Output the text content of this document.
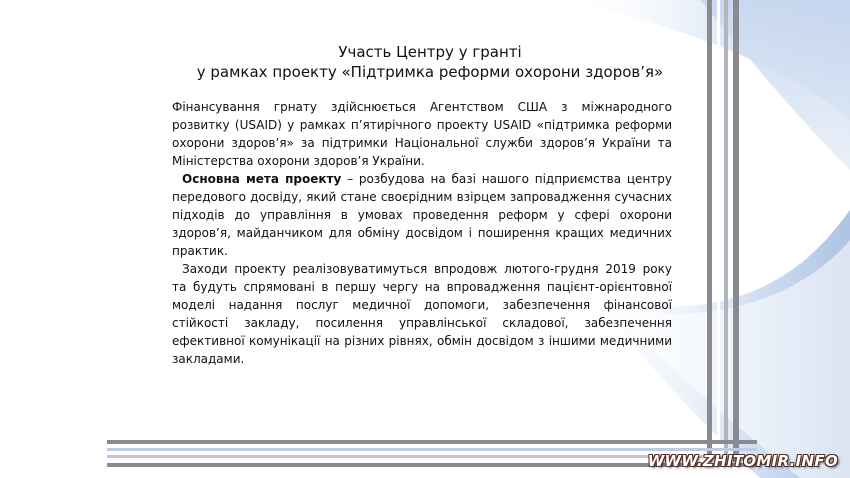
Участь Центру у гранті
у рамках проекту «Підтримка реформи охорони здоров’я»

Фінансування грнату здійснюється Агентством США з міжнародного розвитку (USAID) у рамках п’ятирічного проекту USAID «підтримка реформи охорони здоров’я» за підтримки Національної служби здоров’я України та Міністерства охорони здоров’я України.

Основна мета проекту – розбудова на базі нашого підприємства центру передового досвіду, який стане своєрідним взірцем запровадження сучасних підходів до управління в умовах проведення реформ у сфері охорони здоров’я, майданчиком для обміну досвідом і поширення кращих медичних практик.

Заходи проекту реалізовуватимуться впродовж лютого-грудня 2019 року та будуть спрямовані в першу чергу на впровадження пацієнт-орієнтовної моделі надання послуг медичної допомоги, забезпечення фінансової стійкості закладу, посилення управлінської складової, забезпечення ефективної комунікації на різних рівнях, обмін досвідом з іншими медичними закладами.

WWW.ZHITOMIR.INFO
